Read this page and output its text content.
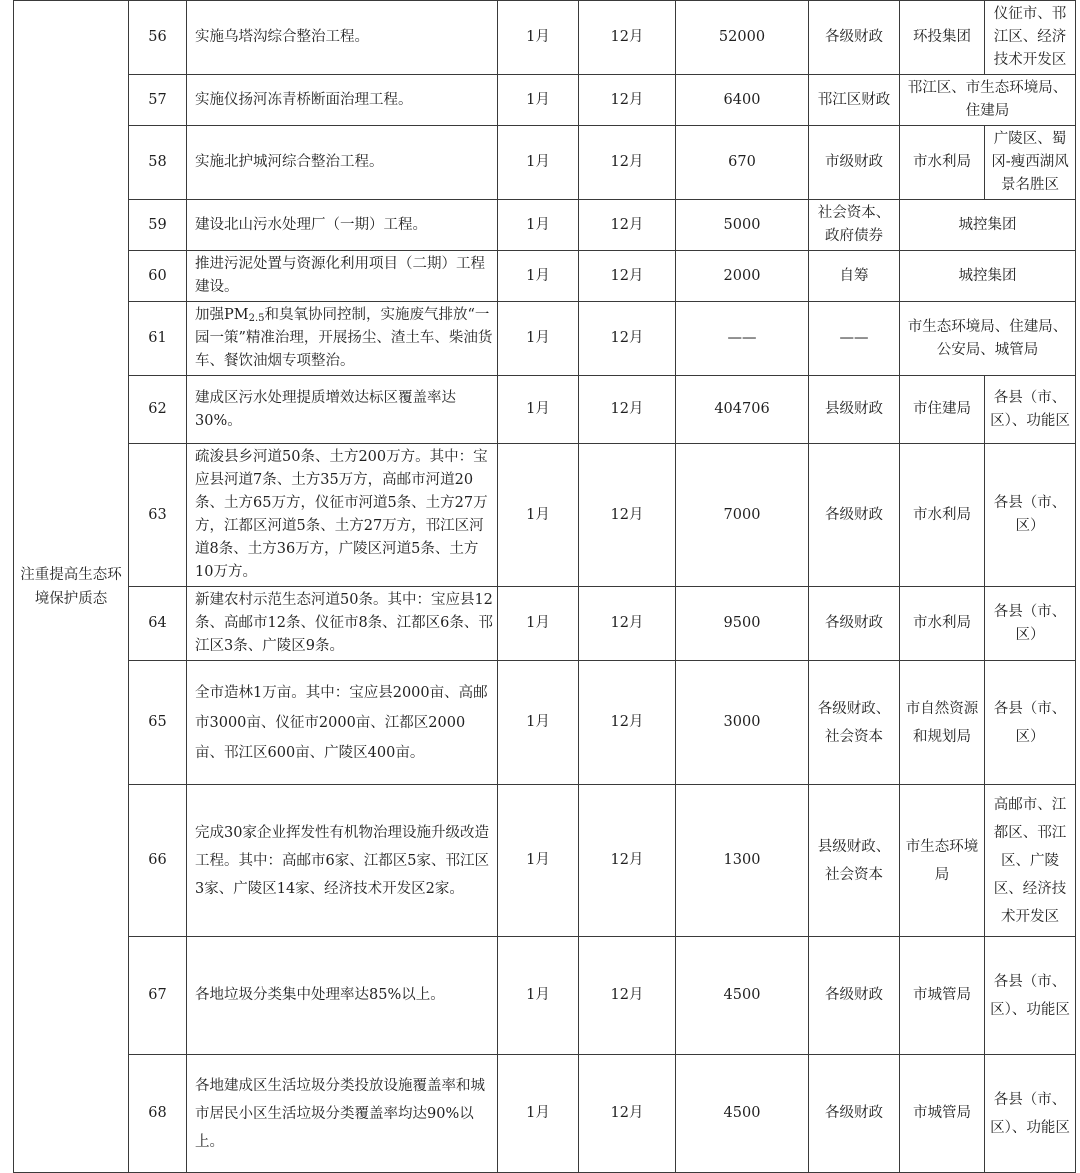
注重提高生态环境保护质态	56	实施乌塔沟综合整治工程。	1月	12月	52000	各级财政	环投集团	仪征市、邗江区、经济技术开发区
	57	实施仪扬河冻青桥断面治理工程。	1月	12月	6400	邗江区财政	邗江区、市生态环境局、住建局	
	58	实施北护城河综合整治工程。	1月	12月	670	市级财政	市水利局	广陵区、蜀冈-瘦西湖风景名胜区
	59	建设北山污水处理厂（一期）工程。	1月	12月	5000	社会资本、政府债券	城控集团	
	60	推进污泥处置与资源化利用项目（二期）工程建设。	1月	12月	2000	自筹	城控集团	
	61	加强$PM_{2.5}$和臭氧协同控制，实施废气排放“一园一策”精准治理，开展扬尘、渣土车、柴油货车、餐饮油烟专项整治。	1月	12月	——	——	市生态环境局、住建局、公安局、城管局	
	62	建成区污水处理提质增效达标区覆盖率达30%。	1月	12月	404706	县级财政	市住建局	各县（市、区）、功能区
	63	疏浚县乡河道50条、土方200万方。其中：宝应县河道7条、土方35万方，高邮市河道20条、土方65万方，仪征市河道5条、土方27万方，江都区河道5条、土方27万方，邗江区河道8条、土方36万方，广陵区河道5条、土方10万方。	1月	12月	7000	各级财政	市水利局	各县（市、区）
	64	新建农村示范生态河道50条。其中：宝应县12条、高邮市12条、仪征市8条、江都区6条、邗江区3条、广陵区9条。	1月	12月	9500	各级财政	市水利局	各县（市、区）
	65	全市造林1万亩。其中：宝应县2000亩、高邮市3000亩、仪征市2000亩、江都区2000亩、邗江区600亩、广陵区400亩。	1月	12月	3000	各级财政、社会资本	市自然资源和规划局	各县（市、区）
	66	完成30家企业挥发性有机物治理设施升级改造工程。其中：高邮市6家、江都区5家、邗江区3家、广陵区14家、经济技术开发区2家。	1月	12月	1300	县级财政、社会资本	市生态环境局	高邮市、江都区、邗江区、广陵区、经济技术开发区
	67	各地垃圾分类集中处理率达85%以上。	1月	12月	4500	各级财政	市城管局	各县（市、区）、功能区
	68	各地建成区生活垃圾分类投放设施覆盖率和城市居民小区生活垃圾分类覆盖率均达90%以上。	1月	12月	4500	各级财政	市城管局	各县（市、区）、功能区
